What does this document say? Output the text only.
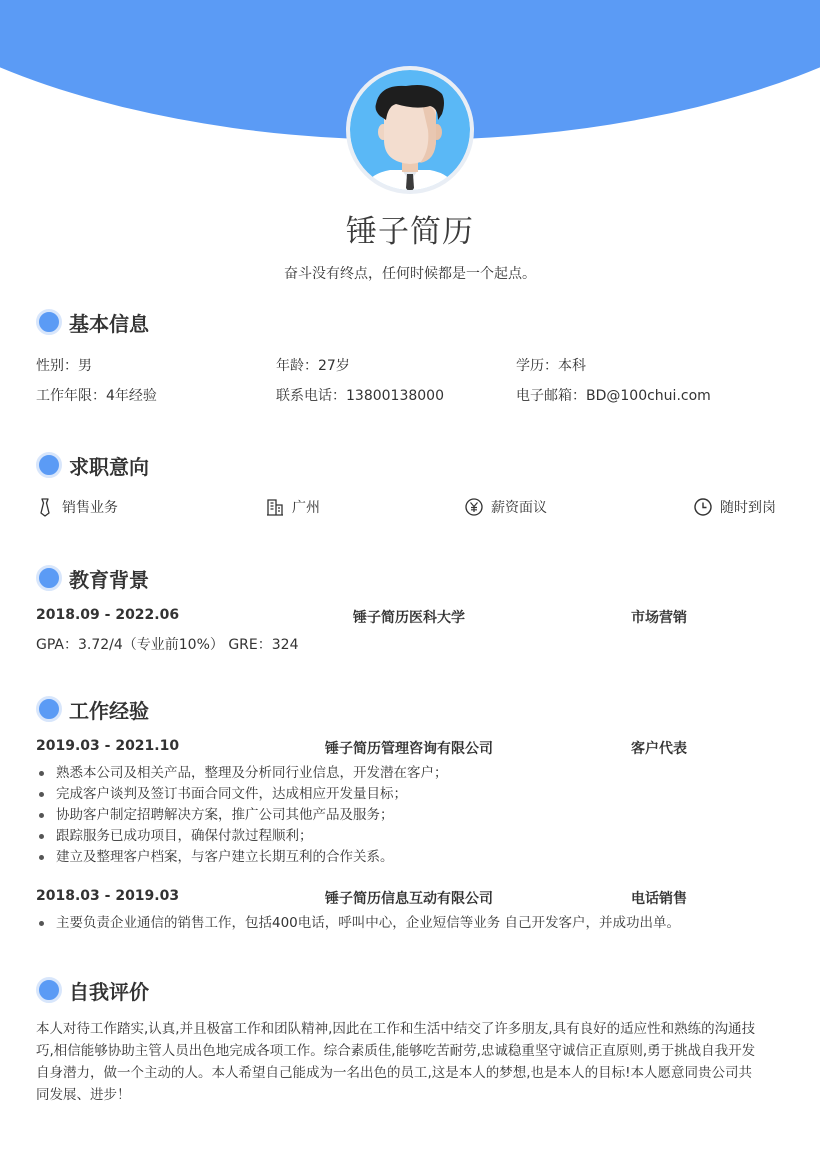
锤子简历
奋斗没有终点，任何时候都是一个起点。
基本信息
性别：男	年龄：27岁	学历：本科
工作年限：4年经验	联系电话：13800138000	电子邮箱：BD@100chui.com
求职意向
销售业务	广州	薪资面议	随时到岗
教育背景
2018.09 - 2022.06	锤子简历医科大学	市场营销
GPA：3.72/4（专业前10%） GRE：324
工作经验
2019.03 - 2021.10	锤子简历管理咨询有限公司	客户代表
熟悉本公司及相关产品，整理及分析同行业信息，开发潜在客户；
完成客户谈判及签订书面合同文件，达成相应开发量目标；
协助客户制定招聘解决方案，推广公司其他产品及服务；
跟踪服务已成功项目，确保付款过程顺利；
建立及整理客户档案，与客户建立长期互利的合作关系。
2018.03 - 2019.03	锤子简历信息互动有限公司	电话销售
主要负责企业通信的销售工作，包括400电话，呼叫中心，企业短信等业务 自己开发客户，并成功出单。
自我评价
本人对待工作踏实,认真,并且极富工作和团队精神,因此在工作和生活中结交了许多朋友,具有良好的适应性和熟练的沟通技
巧,相信能够协助主管人员出色地完成各项工作。综合素质佳,能够吃苦耐劳,忠诚稳重坚守诚信正直原则,勇于挑战自我开发
自身潜力，做一个主动的人。本人希望自己能成为一名出色的员工,这是本人的梦想,也是本人的目标!本人愿意同贵公司共
同发展、进步！
